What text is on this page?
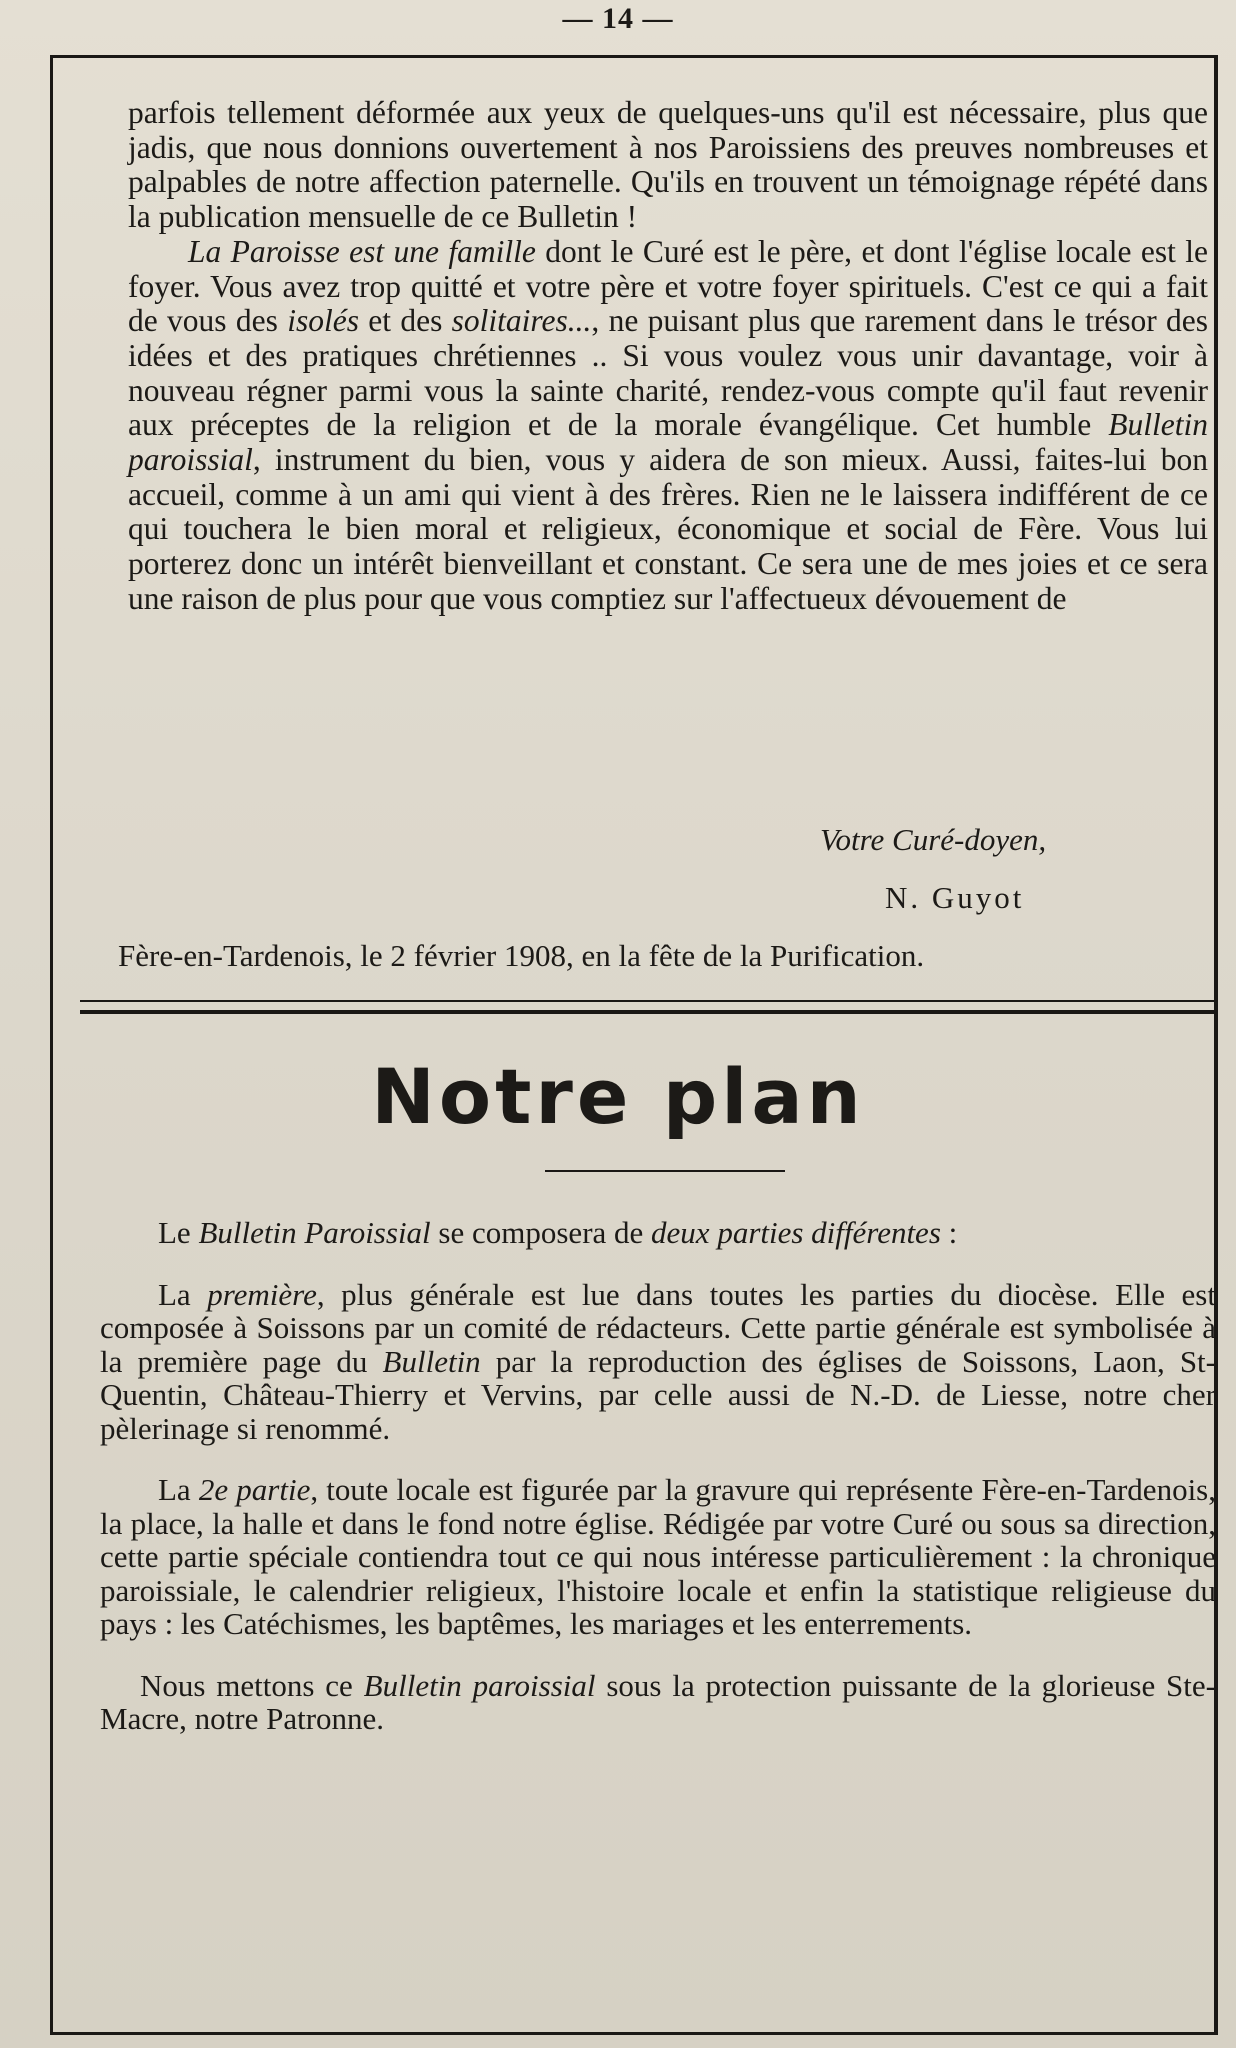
— 14 —

parfois tellement déformée aux yeux de quelques-uns qu'il est nécessaire, plus que jadis, que nous donnions ouvertement à nos Paroissiens des preuves nombreuses et palpables de notre affection paternelle. Qu'ils en trouvent un témoignage répété dans la publication mensuelle de ce Bulletin !

La Paroisse est une famille dont le Curé est le père, et dont l'église locale est le foyer. Vous avez trop quitté et votre père et votre foyer spirituels. C'est ce qui a fait de vous des isolés et des solitaires..., ne puisant plus que rarement dans le trésor des idées et des pratiques chrétiennes .. Si vous voulez vous unir davantage, voir à nouveau régner parmi vous la sainte charité, rendez-vous compte qu'il faut revenir aux préceptes de la religion et de la morale évangélique. Cet humble Bulletin paroissial, instrument du bien, vous y aidera de son mieux. Aussi, faites-lui bon accueil, comme à un ami qui vient à des frères. Rien ne le laissera indifférent de ce qui touchera le bien moral et religieux, économique et social de Fère. Vous lui porterez donc un intérêt bienveillant et constant. Ce sera une de mes joies et ce sera une raison de plus pour que vous comptiez sur l'affectueux dévouement de

Votre Curé-doyen,
N. Guyot
Fère-en-Tardenois, le 2 février 1908, en la fête de la Purification.
Notre plan

Le Bulletin Paroissial se composera de deux parties différentes :

La première, plus générale est lue dans toutes les parties du diocèse. Elle est composée à Soissons par un comité de rédacteurs. Cette partie générale est symbolisée à la première page du Bulletin par la reproduction des églises de Soissons, Laon, St-Quentin, Château-Thierry et Vervins, par celle aussi de N.-D. de Liesse, notre cher pèlerinage si renommé.

La 2e partie, toute locale est figurée par la gravure qui représente Fère-en-Tardenois, la place, la halle et dans le fond notre église. Rédigée par votre Curé ou sous sa direction, cette partie spéciale contiendra tout ce qui nous intéresse particulièrement : la chronique paroissiale, le calendrier religieux, l'histoire locale et enfin la statistique religieuse du pays : les Catéchismes, les baptêmes, les mariages et les enterrements.

Nous mettons ce Bulletin paroissial sous la protection puissante de la glorieuse Ste-Macre, notre Patronne.
